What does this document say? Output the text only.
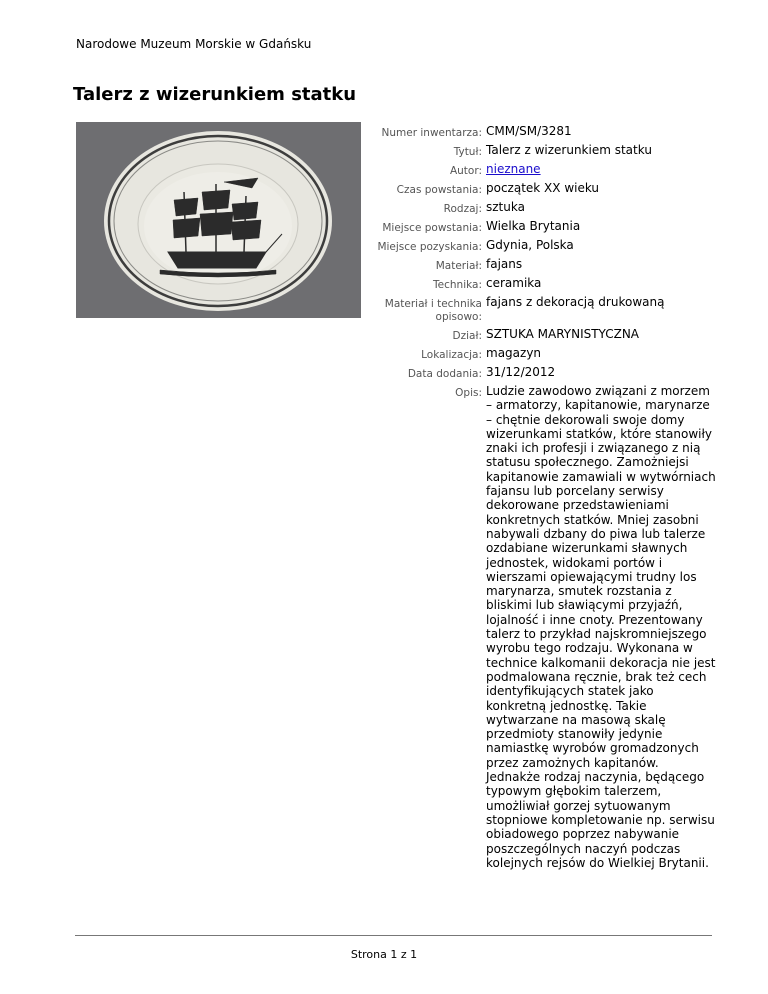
Narodowe Muzeum Morskie w Gdańsku
Talerz z wizerunkiem statku
Numer inwentarza: CMM/SM/3281
Tytuł: Talerz z wizerunkiem statku
Autor: nieznane
Czas powstania: początek XX wieku
Rodzaj: sztuka
Miejsce powstania: Wielka Brytania
Miejsce pozyskania: Gdynia, Polska
Materiał: fajans
Technika: ceramika
Materiał i technika opisowo:
fajans z dekoracją drukowaną
Dział: SZTUKA MARYNISTYCZNA
Lokalizacja: magazyn
Data dodania: 31/12/2012
Opis: Ludzie zawodowo związani z morzem – armatorzy, kapitanowie, marynarze – chętnie dekorowali swoje domy wizerunkami statków, które stanowiły znaki ich profesji i związanego z nią statusu społecznego. Zamożniejsi kapitanowie zamawiali w wytwórniach fajansu lub porcelany serwisy dekorowane przedstawieniami konkretnych statków. Mniej zasobni nabywali dzbany do piwa lub talerze ozdabiane wizerunkami sławnych jednostek, widokami portów i wierszami opiewającymi trudny los marynarza, smutek rozstania z bliskimi lub sławiącymi przyjaźń, lojalność i inne cnoty. Prezentowany talerz to przykład najskromniejszego wyrobu tego rodzaju. Wykonana w technice kalkomanii dekoracja nie jest podmalowana ręcznie, brak też cech identyfikujących statek jako konkretną jednostkę. Takie wytwarzane na masową skalę przedmioty stanowiły jedynie namiastkę wyrobów gromadzonych przez zamożnych kapitanów. Jednakże rodzaj naczynia, będącego typowym głębokim talerzem, umożliwiał gorzej sytuowanym stopniowe kompletowanie np. serwisu obiadowego poprzez nabywanie poszczególnych naczyń podczas kolejnych rejsów do Wielkiej Brytanii.
Strona 1 z 1
